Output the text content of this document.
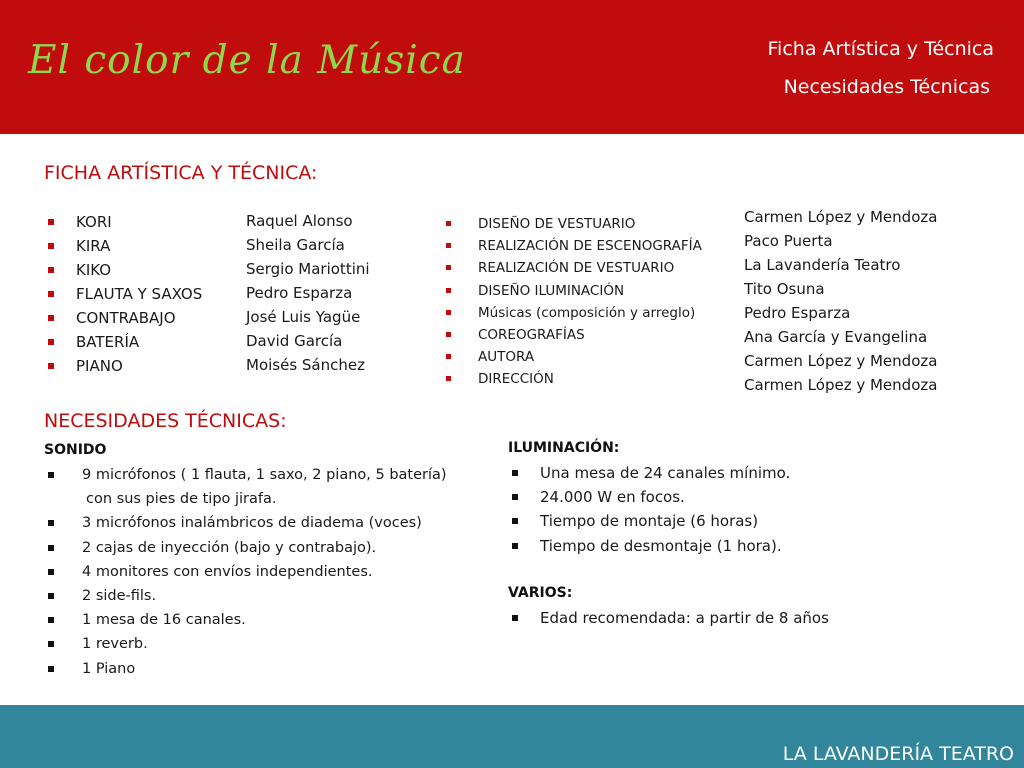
El color de la Música	Ficha Artística y Técnica
Necesidades Técnicas
FICHA ARTÍSTICA Y TÉCNICA:
KORI
KIRA
KIKO
FLAUTA Y SAXOS
CONTRABAJO
BATERÍA
PIANO
Raquel Alonso
Sheila García
Sergio Mariottini
Pedro Esparza
José Luis Yagüe
David García
Moisés Sánchez
DISEÑO DE VESTUARIO
REALIZACIÓN DE ESCENOGRAFÍA
REALIZACIÓN DE VESTUARIO
DISEÑO ILUMINACIÓN
Músicas (composición y arreglo)
COREOGRAFÍAS
AUTORA
DIRECCIÓN
Carmen López y Mendoza
Paco Puerta
La Lavandería Teatro
Tito Osuna
Pedro Esparza
Ana García y Evangelina
Carmen López y Mendoza
Carmen López y Mendoza
NECESIDADES TÉCNICAS:
SONIDO
9 micrófonos ( 1 flauta, 1 saxo, 2 piano, 5 batería)
con sus pies de tipo jirafa.
3 micrófonos inalámbricos de diadema (voces)
2 cajas de inyección (bajo y contrabajo).
4 monitores con envíos independientes.
2 side-fils.
1 mesa de 16 canales.
1 reverb.
1 Piano
ILUMINACIÓN:
Una mesa de 24 canales mínimo.
24.000 W en focos.
Tiempo de montaje (6 horas)
Tiempo de desmontaje (1 hora).
VARIOS:
Edad recomendada: a partir de 8 años
LA LAVANDERÍA TEATRO
